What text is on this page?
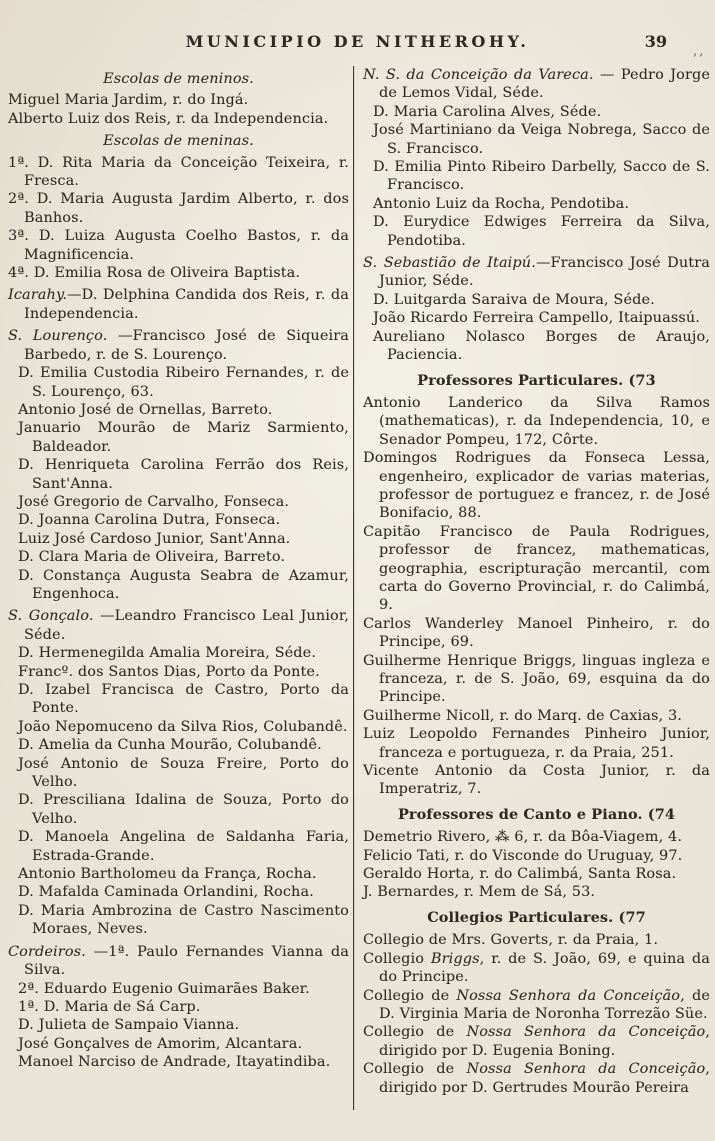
MUNICIPIO DE NITHEROHY.	39
’’

Escolas de meninos.

Miguel Maria Jardim, r. do Ingá.

Alberto Luiz dos Reis, r. da Independencia.

Escolas de meninas.

1ª. D. Rita Maria da Conceição Teixeira, r. Fresca.

2ª. D. Maria Augusta Jardim Alberto, r. dos Banhos.

3ª. D. Luiza Augusta Coelho Bastos, r. da Magnificencia.

4ª. D. Emilia Rosa de Oliveira Baptista.

Icarahy.—D. Delphina Candida dos Reis, r. da Independencia.

S. Lourenço. —Francisco José de Siqueira Barbedo, r. de S. Lourenço.

D. Emilia Custodia Ribeiro Fernandes, r. de S. Lourenço, 63.

Antonio José de Ornellas, Barreto.

Januario Mourão de Mariz Sarmiento, Baldeador.

D. Henriqueta Carolina Ferrão dos Reis, Sant'Anna.

José Gregorio de Carvalho, Fonseca.

D. Joanna Carolina Dutra, Fonseca.

Luiz José Cardoso Junior, Sant'Anna.

D. Clara Maria de Oliveira, Barreto.

D. Constança Augusta Seabra de Azamur, Engenhoca.

S. Gonçalo. —Leandro Francisco Leal Junior, Séde.

D. Hermenegilda Amalia Moreira, Séde.

Francº. dos Santos Dias, Porto da Ponte.

D. Izabel Francisca de Castro, Porto da Ponte.

João Nepomuceno da Silva Rios, Colubandê.

D. Amelia da Cunha Mourão, Colubandê.

José Antonio de Souza Freire, Porto do Velho.

D. Presciliana Idalina de Souza, Porto do Velho.

D. Manoela Angelina de Saldanha Faria, Estrada-Grande.

Antonio Bartholomeu da França, Rocha.

D. Mafalda Caminada Orlandini, Rocha.

D. Maria Ambrozina de Castro Nascimento Moraes, Neves.

Cordeiros. —1ª. Paulo Fernandes Vianna da Silva.

2ª. Eduardo Eugenio Guimarães Baker.

1ª. D. Maria de Sá Carp.

D. Julieta de Sampaio Vianna.

José Gonçalves de Amorim, Alcantara.

Manoel Narciso de Andrade, Itayatindiba.

N. S. da Conceição da Vareca. — Pedro Jorge de Lemos Vidal, Séde.

D. Maria Carolina Alves, Séde.

José Martiniano da Veiga Nobrega, Sacco de S. Francisco.

D. Emilia Pinto Ribeiro Darbelly, Sacco de S. Francisco.

Antonio Luiz da Rocha, Pendotiba.

D. Eurydice Edwiges Ferreira da Silva, Pendotiba.

S. Sebastião de Itaipú.—Francisco José Dutra Junior, Séde.

D. Luitgarda Saraiva de Moura, Séde.

João Ricardo Ferreira Campello, Itaipuassú.

Aureliano Nolasco Borges de Araujo, Paciencia.

Professores Particulares. (73

Antonio Landerico da Silva Ramos (mathematicas), r. da Independencia, 10, e Senador Pompeu, 172, Côrte.

Domingos Rodrigues da Fonseca Lessa, engenheiro, explicador de varias materias, professor de portuguez e francez, r. de José Bonifacio, 88.

Capitão Francisco de Paula Rodrigues, professor de francez, mathematicas, geographia, escripturação mercantil, com carta do Governo Provincial, r. do Calimbá, 9.

Carlos Wanderley Manoel Pinheiro, r. do Principe, 69.

Guilherme Henrique Briggs, linguas ingleza e franceza, r. de S. João, 69, esquina da do Principe.

Guilherme Nicoll, r. do Marq. de Caxias, 3.

Luiz Leopoldo Fernandes Pinheiro Junior, franceza e portugueza, r. da Praia, 251.

Vicente Antonio da Costa Junior, r. da Imperatriz, 7.

Professores de Canto e Piano. (74

Demetrio Rivero, ⁂ 6, r. da Bôa-Viagem, 4.

Felicio Tati, r. do Visconde do Uruguay, 97.

Geraldo Horta, r. do Calimbá, Santa Rosa.

J. Bernardes, r. Mem de Sá, 53.

Collegios Particulares. (77

Collegio de Mrs. Goverts, r. da Praia, 1.

Collegio Briggs, r. de S. João, 69, e quina da do Principe.

Collegio de Nossa Senhora da Conceição, de D. Virginia Maria de Noronha Torrezão Süe.

Collegio de Nossa Senhora da Conceição, dirigido por D. Eugenia Boning.

Collegio de Nossa Senhora da Conceição, dirigido por D. Gertrudes Mourão Pereira
